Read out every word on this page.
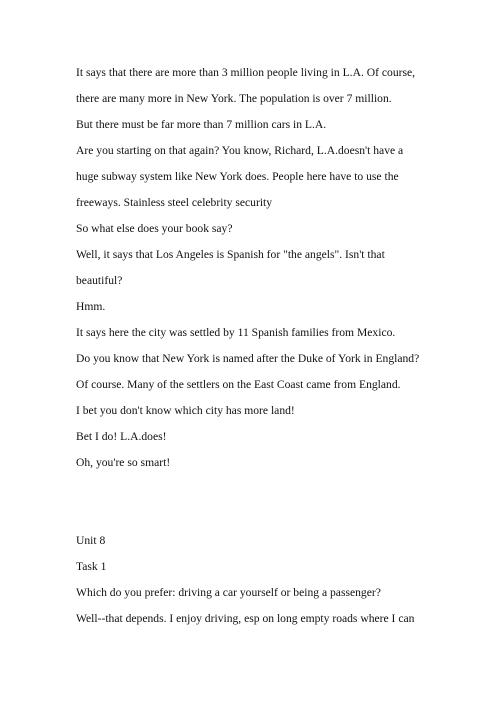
It says that there are more than 3 million people living in L.A. Of course,
there are many more in New York. The population is over 7 million.
But there must be far more than 7 million cars in L.A.
Are you starting on that again? You know, Richard, L.A.doesn't have a
huge subway system like New York does. People here have to use the
freeways. Stainless steel celebrity security
So what else does your book say?
Well, it says that Los Angeles is Spanish for "the angels". Isn't that
beautiful?
Hmm.
It says here the city was settled by 11 Spanish families from Mexico.
Do you know that New York is named after the Duke of York in England?
Of course. Many of the settlers on the East Coast came from England.
I bet you don't know which city has more land!
Bet I do! L.A.does!
Oh, you're so smart!
Unit 8
Task 1
Which do you prefer: driving a car yourself or being a passenger?
Well--that depends. I enjoy driving, esp on long empty roads where I can
